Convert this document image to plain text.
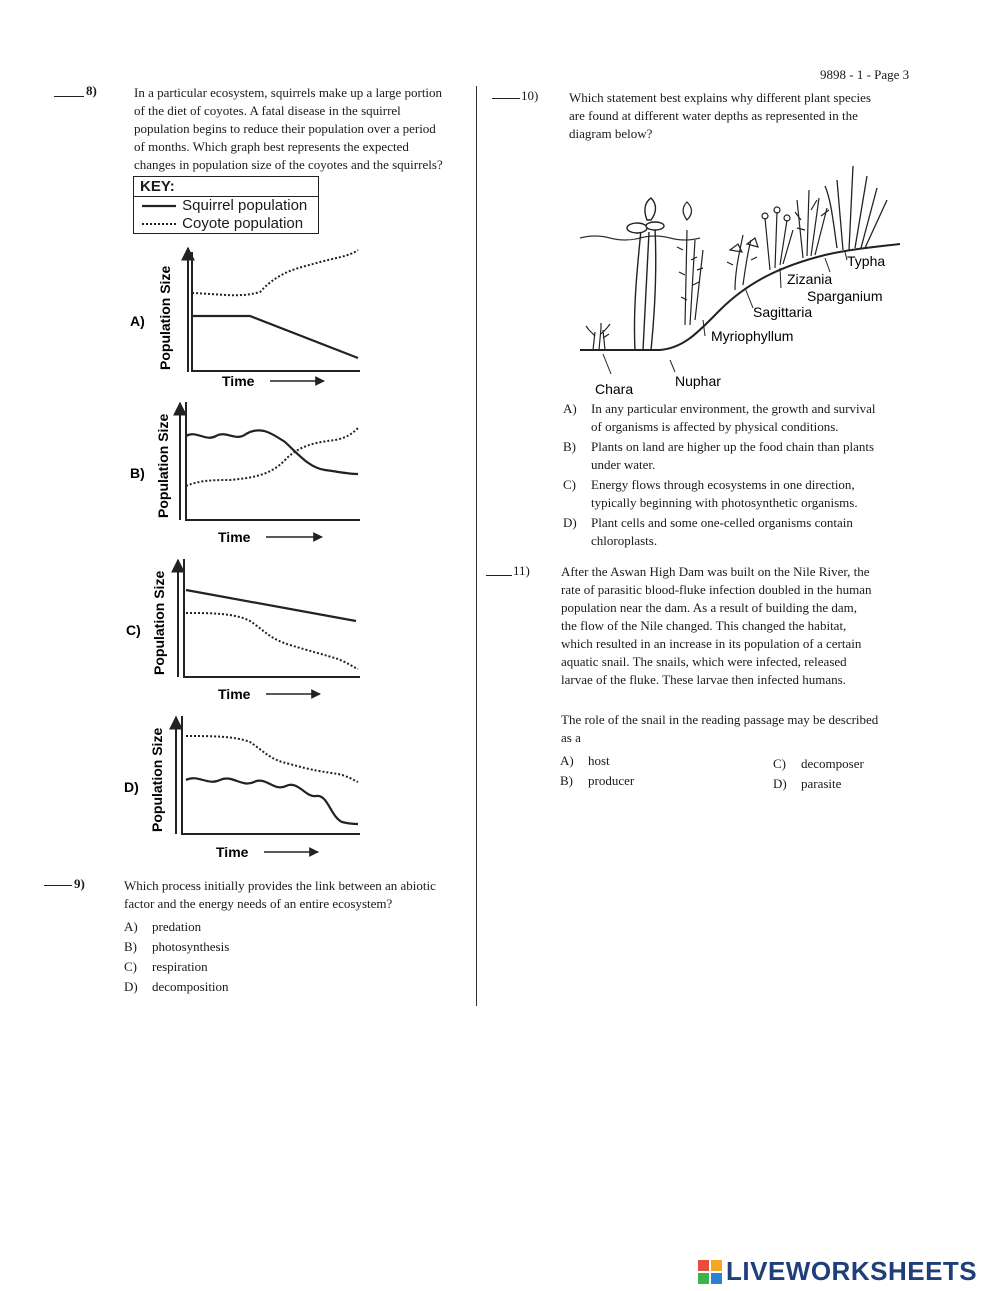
9898 - 1 - Page 3
8)	In a particular ecosystem, squirrels make up a large portion
of the diet of coyotes. A fatal disease in the squirrel
population begins to reduce their population over a period
of months. Which graph best represents the expected
changes in population size of the coyotes and the squirrels?
KEY:
Squirrel population
Coyote population
A) Population Size
Time
B) Population Size
Time
C) Population Size
Time
D) Population Size
Time
9)	Which process initially provides the link between an abiotic
factor and the energy needs of an entire ecosystem?
A) predation
B) photosynthesis
C) respiration
D) decomposition
10) Which statement best explains why different plant species
are found at different water depths as represented in the
diagram below?
Typha
Zizania
Sparganium
Sagittaria
Myriophyllum
Nuphar
Chara
A)	In any particular environment, the growth and survival
of organisms is affected by physical conditions.
B)	Plants on land are higher up the food chain than plants
under water.
C)	Energy flows through ecosystems in one direction,
typically beginning with photosynthetic organisms.
D)	Plant cells and some one-celled organisms contain
chloroplasts.
11) After the Aswan High Dam was built on the Nile River, the
rate of parasitic blood-fluke infection doubled in the human
population near the dam. As a result of building the dam,
the flow of the Nile changed. This changed the habitat,
which resulted in an increase in its population of a certain
aquatic snail. The snails, which were infected, released
larvae of the fluke. These larvae then infected humans.
The role of the snail in the reading passage may be described
as a
A) host
B) producer
C) decomposer
D) parasite
LIVEWORKSHEETS
